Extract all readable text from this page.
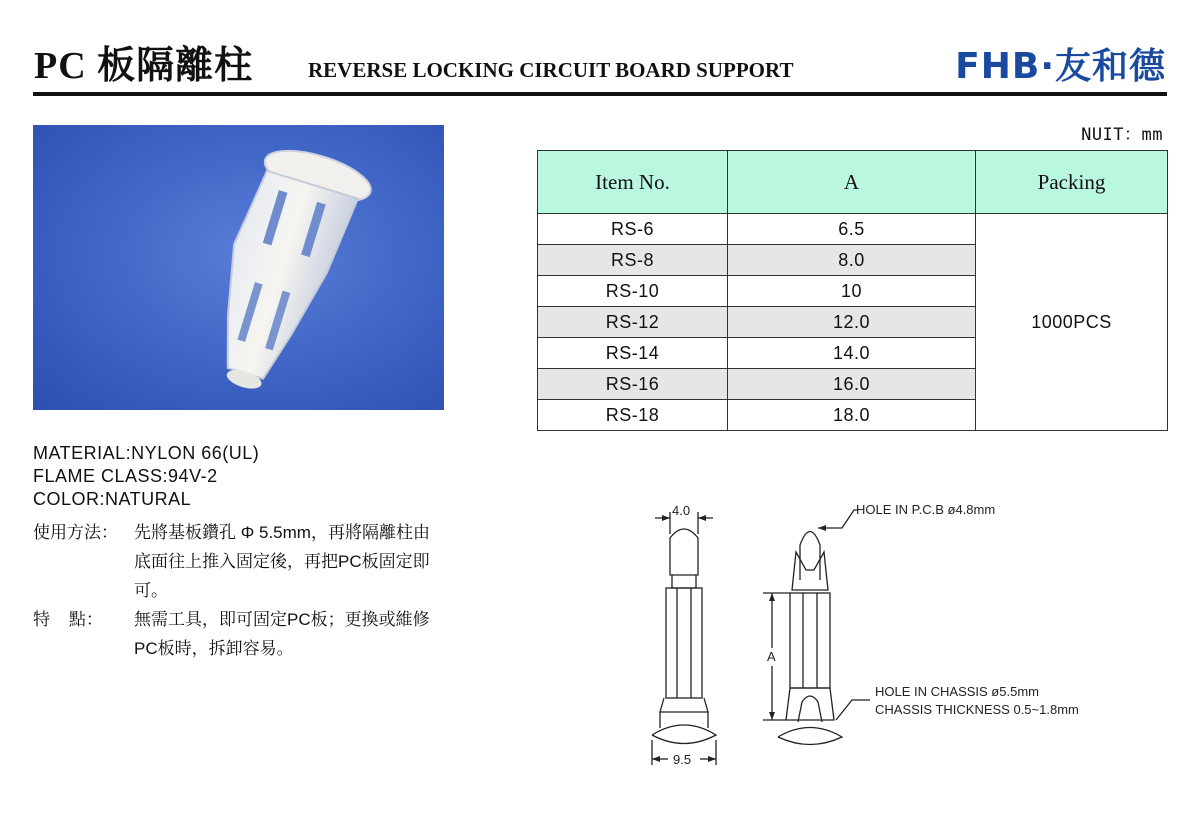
PC 板隔離柱	REVERSE LOCKING CIRCUIT BOARD SUPPORT	FHB·友和德
MATERIAL:NYLON 66(UL)
FLAME CLASS:94V-2
COLOR:NATURAL
使用方法： 先將基板鑽孔 Φ 5.5mm，再將隔離柱由底面往上推入固定後，再把PC板固定即可。
特    點：	無需工具，即可固定PC板；更換或維修PC板時，拆卸容易。
NUIT：mm
Item No.	A	Packing
RS-6	6.5	1000PCS
RS-8	8.0	
RS-10	10	
RS-12	12.0	
RS-14	14.0	
RS-16	16.0	
RS-18	18.0	
4.0
9.5
A
HOLE IN P.C.B ø4.8mm
HOLE IN CHASSIS ø5.5mm
CHASSIS THICKNESS 0.5~1.8mm
